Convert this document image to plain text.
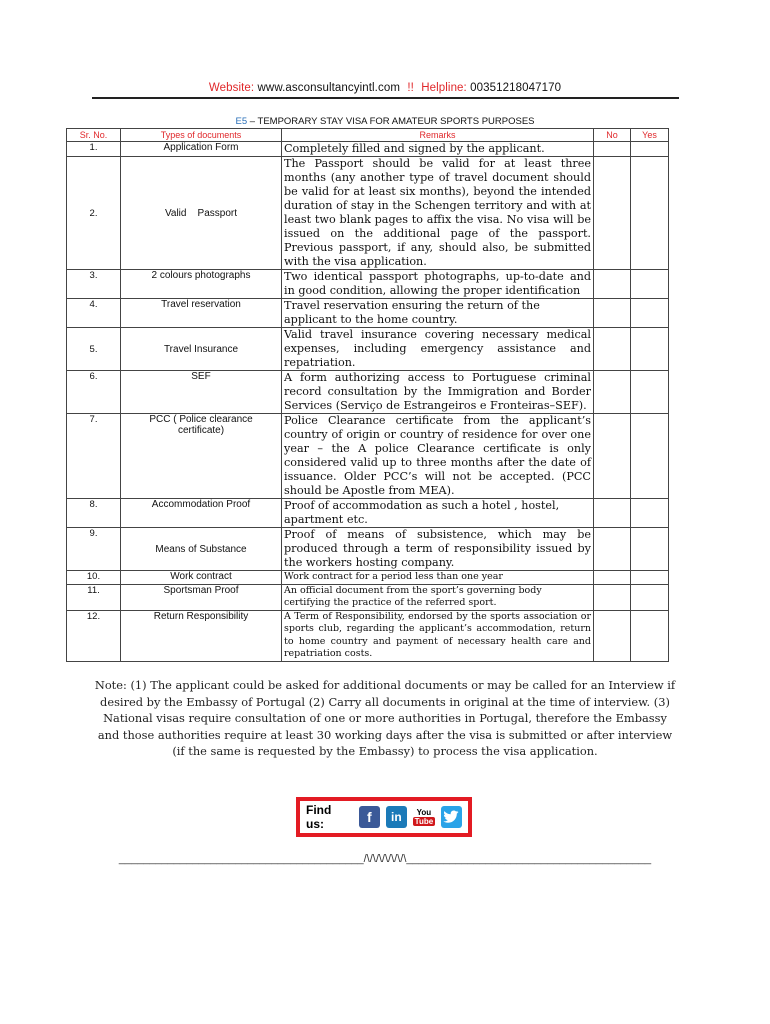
Website: www.asconsultancyintl.com !! Helpline: 00351218047170
E5 – TEMPORARY STAY VISA FOR AMATEUR SPORTS PURPOSES
Sr. No.	Types of documents	Remarks	No	Yes
1.	Application Form	Completely filled and signed by the applicant.		
2.	Valid    Passport	The Passport should be valid for at least three months (any another type of travel document should be valid for at least six months), beyond the intended duration of stay in the Schengen territory and with at least two blank pages to affix the visa. No visa will be issued on the additional page of the passport. Previous passport, if any, should also, be submitted with the visa application.		
3.	2 colours photographs	Two identical passport photographs, up-to-date and in good condition, allowing the proper identification		
4.	Travel reservation	Travel reservation ensuring the return of the applicant to the home country.		
5.	Travel Insurance	Valid travel insurance covering necessary medical expenses, including emergency assistance and repatriation.		
6.	SEF	A form authorizing access to Portuguese criminal record consultation by the Immigration and Border Services (Serviço de Estrangeiros e Fronteiras–SEF).		
7.	PCC ( Police clearance certificate)	Police Clearance certificate from the applicant’s country of origin or country of residence for over one year – the A police Clearance certificate is only considered valid up to three months after the date of issuance. Older PCC’s will not be accepted. (PCC should be Apostle from MEA).		
8.	Accommodation Proof	Proof of accommodation as such a hotel , hostel, apartment etc.		
9.	Means of Substance	Proof of means of subsistence, which may be produced through a term of responsibility issued by the workers hosting company.		
10.	Work contract	Work contract for a period less than one year		
11.	Sportsman Proof	An official document from the sport’s governing body certifying the practice of the referred sport.		
12.	Return Responsibility	A Term of Responsibility, endorsed by the sports association or sports club, regarding the applicant’s accommodation, return to home country and payment of necessary health care and repatriation costs.		
Note: (1) The applicant could be asked for additional documents or may be called for an Interview if desired by the Embassy of Portugal (2) Carry all documents in original at the time of interview. (3) National visas require consultation of one or more authorities in Portugal, therefore the Embassy and those authorities require at least 30 working days after the visa is submitted or after interview (if the same is requested by the Embassy) to process the visa application.
Find us:	f	in	You
Tube
________________________________________/\/\/\/\/\/\/\________________________________________
